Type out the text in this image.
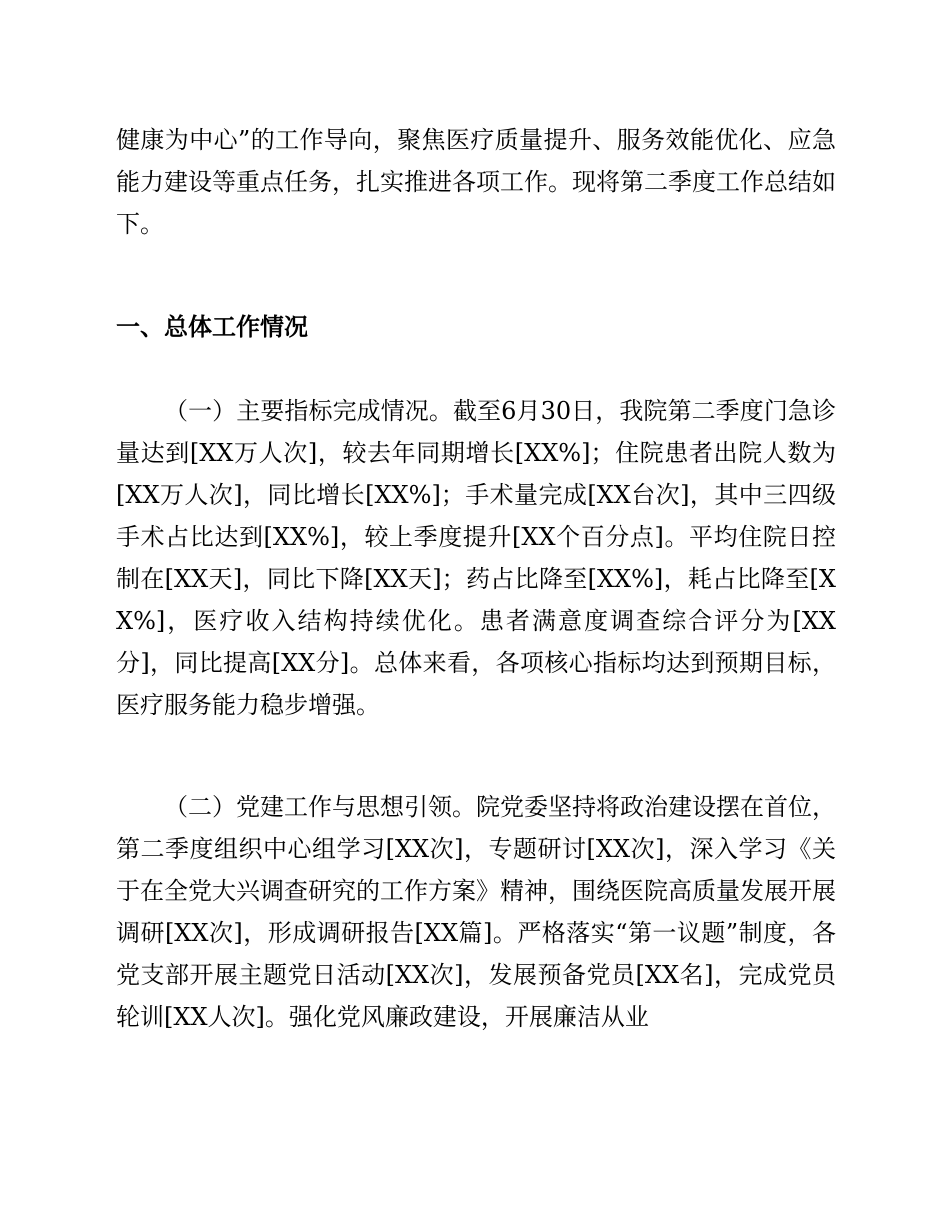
健康为中心”的工作导向，聚焦医疗质量提升、服务效能优化、应急能力建设等重点任务，扎实推进各项工作。现将第二季度工作总结如下。

一、总体工作情况

（一）主要指标完成情况。截至6月30日，我院第二季度门急诊量达到[XX万人次]，较去年同期增长[XX%]；住院患者出院人数为[XX万人次]，同比增长[XX%]；手术量完成[XX台次]，其中三四级手术占比达到[XX%]，较上季度提升[XX个百分点]。平均住院日控制在[XX天]，同比下降[XX天]；药占比降至[XX%]，耗占比降至[XX%]，医疗收入结构持续优化。患者满意度调查综合评分为[XX分]，同比提高[XX分]。总体来看，各项核心指标均达到预期目标，医疗服务能力稳步增强。

（二）党建工作与思想引领。院党委坚持将政治建设摆在首位，第二季度组织中心组学习[XX次]，专题研讨[XX次]，深入学习《关于在全党大兴调查研究的工作方案》精神，围绕医院高质量发展开展调研[XX次]，形成调研报告[XX篇]。严格落实“第一议题”制度，各党支部开展主题党日活动[XX次]，发展预备党员[XX名]，完成党员轮训[XX人次]。强化党风廉政建设，开展廉洁从业
